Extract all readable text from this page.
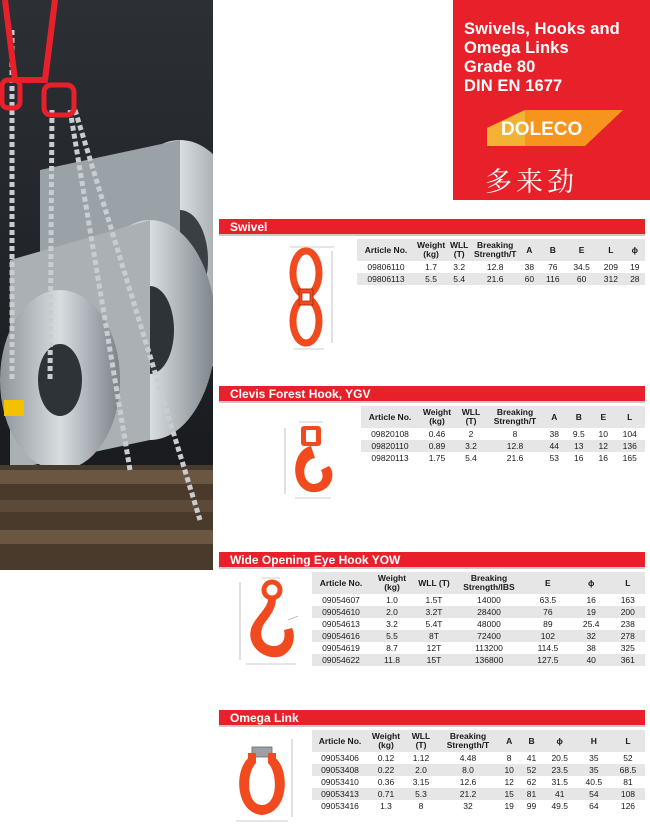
Swivels, Hooks and
Omega Links
Grade 80
DIN EN 1677
DOLECO
多来劲
Swivel
Article No.	Weight (kg)	WLL (T)	Breaking Strength/T	A	B	E	L	ϕ
09806110	1.7	3.2	12.8	38	76	34.5	209	19
09806113	5.5	5.4	21.6	60	116	60	312	28
Clevis Forest Hook, YGV
Article No.	Weight (kg)	WLL (T)	Breaking Strength/T	A	B	E	L
09820108	0.46	2	8	38	9.5	10	104
09820110	0.89	3.2	12.8	44	13	12	136
09820113	1.75	5.4	21.6	53	16	16	165
Wide Opening Eye Hook YOW
Article No.	Weight (kg)	WLL (T)	Breaking Strength/lBS	E	ϕ	L
09054607	1.0	1.5T	14000	63.5	16	163
09054610	2.0	3.2T	28400	76	19	200
09054613	3.2	5.4T	48000	89	25.4	238
09054616	5.5	8T	72400	102	32	278
09054619	8.7	12T	113200	114.5	38	325
09054622	11.8	15T	136800	127.5	40	361
Omega Link
Article No.	Weight (kg)	WLL (T)	Breaking Strength/T	A	B	ϕ	H	L
09053406	0.12	1.12	4.48	8	41	20.5	35	52
09053408	0.22	2.0	8.0	10	52	23.5	35	68.5
09053410	0.36	3.15	12.6	12	62	31.5	40.5	81
09053413	0.71	5.3	21.2	15	81	41	54	108
09053416	1.3	8	32	19	99	49.5	64	126
